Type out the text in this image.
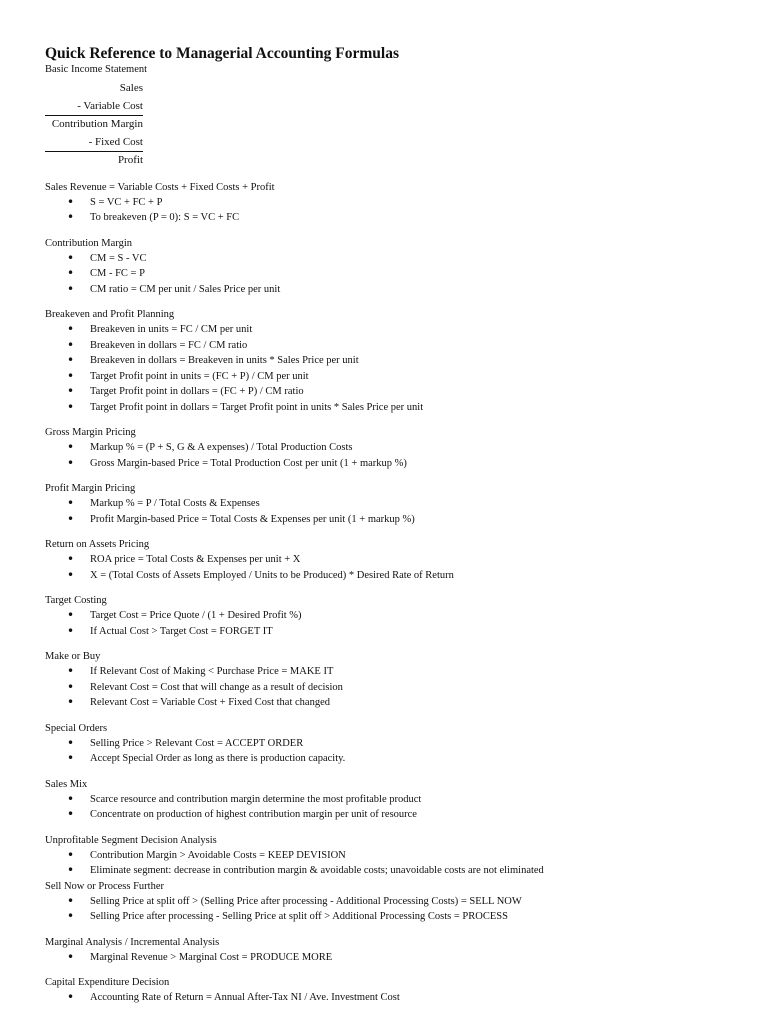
Quick Reference to Managerial Accounting Formulas

Basic Income Statement

Sales
- Variable Cost
Contribution Margin
- Fixed Cost
Profit
Sales Revenue = Variable Costs + Fixed Costs + Profit
• S = VC + FC + P
• To breakeven (P = 0): S = VC + FC
Contribution Margin
• CM = S - VC
• CM - FC = P
• CM ratio = CM per unit / Sales Price per unit
Breakeven and Profit Planning
• Breakeven in units = FC / CM per unit
• Breakeven in dollars = FC / CM ratio
• Breakeven in dollars = Breakeven in units * Sales Price per unit
• Target Profit point in units = (FC + P) / CM per unit
• Target Profit point in dollars = (FC + P) / CM ratio
• Target Profit point in dollars = Target Profit point in units * Sales Price per unit
Gross Margin Pricing
• Markup % = (P + S, G & A expenses) / Total Production Costs
• Gross Margin-based Price = Total Production Cost per unit (1 + markup %)
Profit Margin Pricing
• Markup % = P / Total Costs & Expenses
• Profit Margin-based Price = Total Costs & Expenses per unit (1 + markup %)
Return on Assets Pricing
• ROA price = Total Costs & Expenses per unit + X
• X = (Total Costs of Assets Employed / Units to be Produced) * Desired Rate of Return
Target Costing
• Target Cost = Price Quote / (1 + Desired Profit %)
• If Actual Cost > Target Cost = FORGET IT
Make or Buy
• If Relevant Cost of Making < Purchase Price = MAKE IT
• Relevant Cost = Cost that will change as a result of decision
• Relevant Cost = Variable Cost + Fixed Cost that changed
Special Orders
• Selling Price > Relevant Cost = ACCEPT ORDER
• Accept Special Order as long as there is production capacity.
Sales Mix
• Scarce resource and contribution margin determine the most profitable product
• Concentrate on production of highest contribution margin per unit of resource
Unprofitable Segment Decision Analysis
• Contribution Margin > Avoidable Costs = KEEP DEVISION
• Eliminate segment: decrease in contribution margin & avoidable costs; unavoidable costs are not eliminated
Sell Now or Process Further
• Selling Price at split off > (Selling Price after processing - Additional Processing Costs) = SELL NOW
• Selling Price after processing - Selling Price at split off > Additional Processing Costs = PROCESS
Marginal Analysis / Incremental Analysis
• Marginal Revenue > Marginal Cost = PRODUCE MORE
Capital Expenditure Decision
• Accounting Rate of Return = Annual After-Tax NI / Ave. Investment Cost
